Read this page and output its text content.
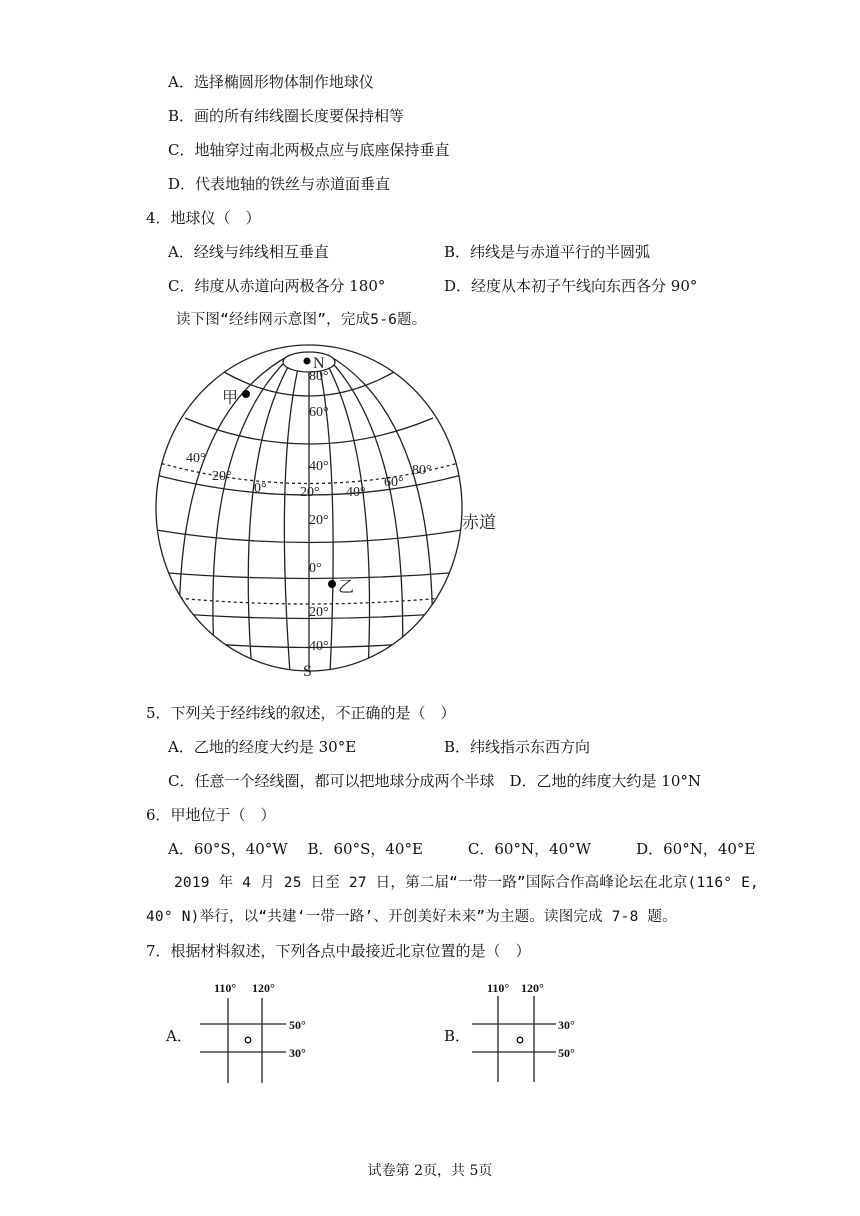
A．选择椭圆形物体制作地球仪
B．画的所有纬线圈长度要保持相等
C．地轴穿过南北两极点应与底座保持垂直
D．代表地轴的铁丝与赤道面垂直
4．地球仪（　）
A．经线与纬线相互垂直	B．纬线是与赤道平行的半圆弧
C．纬度从赤道向两极各分 180°	D．经度从本初子午线向东西各分 90°
读下图“经纬网示意图”，完成5-6题。
N
S
赤道
甲
乙
80°
60°
40°
20°
0°
20°
40°
40°
20°
0° 20° 40°
60°
80°
5．下列关于经纬线的叙述，不正确的是（　）
A．乙地的经度大约是 30°E	B．纬线指示东西方向
C．任意一个经线圈，都可以把地球分成两个半球　D．乙地的纬度大约是 10°N
6．甲地位于（　）
A．60°S，40°W　 B．60°S，40°E　　　C．60°N，40°W　　　D．60°N，40°E
2019 年 4 月 25 日至 27 日，第二届“一带一路”国际合作高峰论坛在北京(116° E,
40° N)举行，以“共建‘一带一路’、开创美好未来”为主题。读图完成 7-8 题。
7．根据材料叙述，下列各点中最接近北京位置的是（　）
A．	B．
110° 120°
50°
30°
110° 120°
30°
50°
试卷第 2页，共 5页
